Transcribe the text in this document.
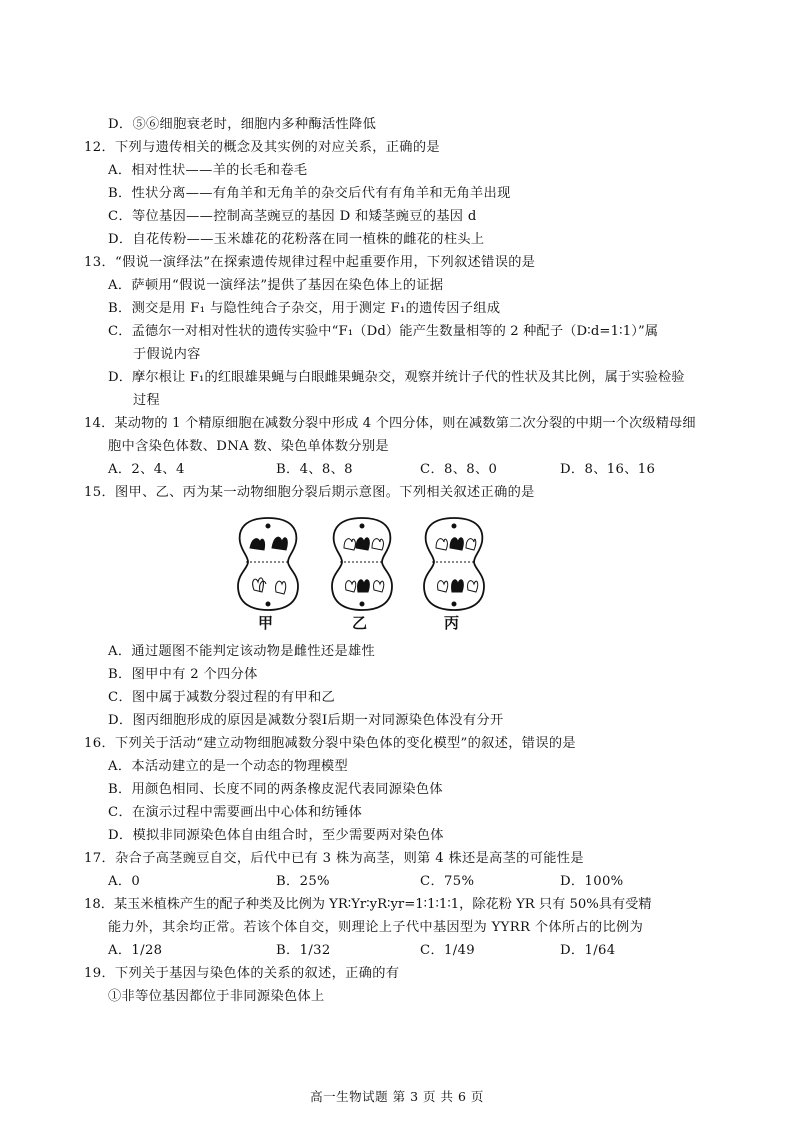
D．⑤⑥细胞衰老时，细胞内多种酶活性降低
12．下列与遗传相关的概念及其实例的对应关系，正确的是
A．相对性状——羊的长毛和卷毛
B．性状分离——有角羊和无角羊的杂交后代有有角羊和无角羊出现
C．等位基因——控制高茎豌豆的基因 D 和矮茎豌豆的基因 d
D．自花传粉——玉米雄花的花粉落在同一植株的雌花的柱头上
13．“假说一演绎法”在探索遗传规律过程中起重要作用，下列叙述错误的是
A．萨顿用“假说一演绎法”提供了基因在染色体上的证据
B．测交是用 F₁ 与隐性纯合子杂交，用于测定 F₁的遗传因子组成
C．孟德尔一对相对性状的遗传实验中“F₁（Dd）能产生数量相等的 2 种配子（D∶d=1∶1）”属
于假说内容
D．摩尔根让 F₁的红眼雄果蝇与白眼雌果蝇杂交，观察并统计子代的性状及其比例，属于实验检验
过程
14．某动物的 1 个精原细胞在减数分裂中形成 4 个四分体，则在减数第二次分裂的中期一个次级精母细
胞中含染色体数、DNA 数、染色单体数分别是
A．2、4、4	B．4、8、8	C．8、8、0	D．8、16、16
15．图甲、乙、丙为某一动物细胞分裂后期示意图。下列相关叙述正确的是
甲	乙	丙
A．通过题图不能判定该动物是雌性还是雄性
B．图甲中有 2 个四分体
C．图中属于减数分裂过程的有甲和乙
D．图丙细胞形成的原因是减数分裂Ⅰ后期一对同源染色体没有分开
16．下列关于活动“建立动物细胞减数分裂中染色体的变化模型”的叙述，错误的是
A．本活动建立的是一个动态的物理模型
B．用颜色相同、长度不同的两条橡皮泥代表同源染色体
C．在演示过程中需要画出中心体和纺锤体
D．模拟非同源染色体自由组合时，至少需要两对染色体
17．杂合子高茎豌豆自交，后代中已有 3 株为高茎，则第 4 株还是高茎的可能性是
A．0	B．25%	C．75%	D．100%
18．某玉米植株产生的配子种类及比例为 YR∶Yr∶yR∶yr=1∶1∶1∶1，除花粉 YR 只有 50%具有受精
能力外，其余均正常。若该个体自交，则理论上子代中基因型为 YYRR 个体所占的比例为
A．1/28	B．1/32	C．1/49	D．1/64
19．下列关于基因与染色体的关系的叙述，正确的有
①非等位基因都位于非同源染色体上
高一生物试题 第 3 页 共 6 页
